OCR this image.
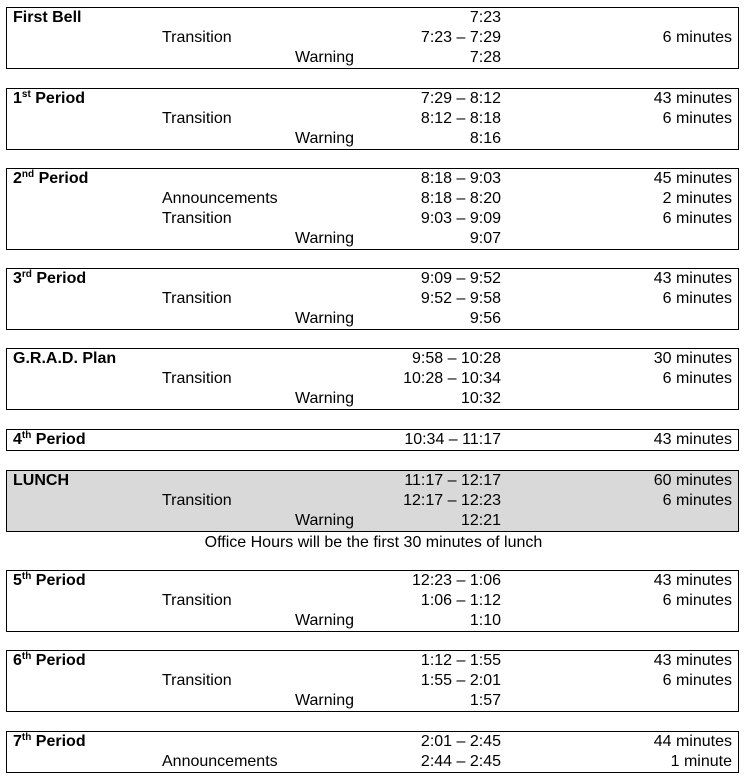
First Bell	7:23
Transition	7:23 – 7:29	6 minutes
Warning	7:28
1st Period	7:29 – 8:12	43 minutes
Transition	8:12 – 8:18	6 minutes
Warning	8:16
2nd Period	8:18 – 9:03	45 minutes
Announcements	8:18 – 8:20	2 minutes
Transition	9:03 – 9:09	6 minutes
Warning	9:07
3rd Period	9:09 – 9:52	43 minutes
Transition	9:52 – 9:58	6 minutes
Warning	9:56
G.R.A.D. Plan	9:58 – 10:28	30 minutes
Transition	10:28 – 10:34	6 minutes
Warning	10:32
4th Period	10:34 – 11:17	43 minutes
LUNCH	11:17 – 12:17	60 minutes
Transition	12:17 – 12:23	6 minutes
Warning	12:21
5th Period	12:23 – 1:06	43 minutes
Transition	1:06 – 1:12	6 minutes
Warning	1:10
6th Period	1:12 – 1:55	43 minutes
Transition	1:55 – 2:01	6 minutes
Warning	1:57
7th Period	2:01 – 2:45	44 minutes
Announcements	2:44 – 2:45	1 minute
Office Hours will be the first 30 minutes of lunch
